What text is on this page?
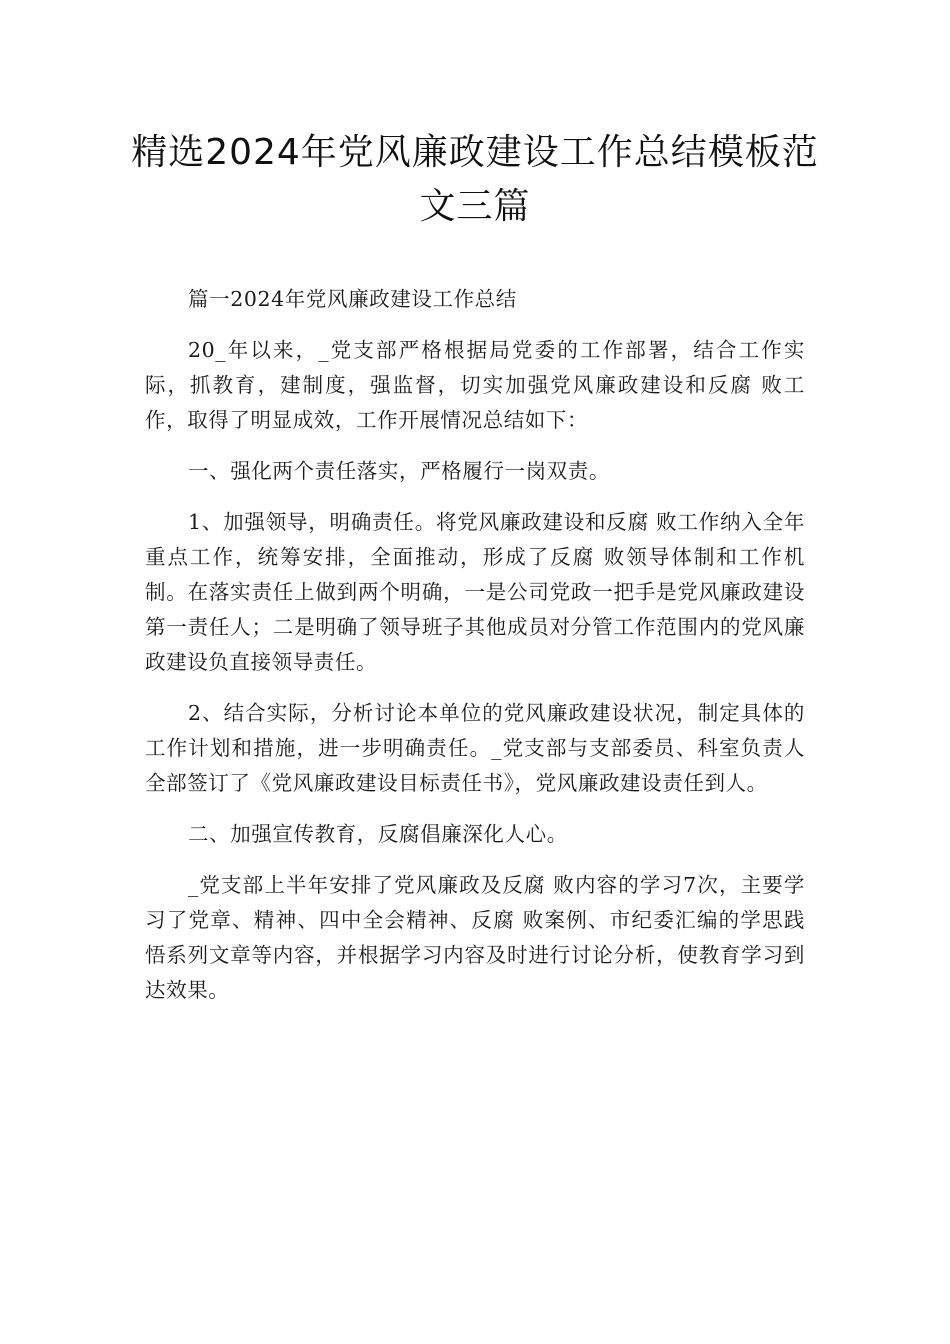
精选2024年党风廉政建设工作总结模板范文三篇

篇一2024年党风廉政建设工作总结

20_年以来，_党支部严格根据局党委的工作部署，结合工作实际，抓教育，建制度，强监督，切实加强党风廉政建设和反腐 败工作，取得了明显成效，工作开展情况总结如下：

一、强化两个责任落实，严格履行一岗双责。

1、加强领导，明确责任。将党风廉政建设和反腐 败工作纳入全年重点工作，统筹安排，全面推动，形成了反腐 败领导体制和工作机制。在落实责任上做到两个明确，一是公司党政一把手是党风廉政建设第一责任人；二是明确了领导班子其他成员对分管工作范围内的党风廉政建设负直接领导责任。

2、结合实际，分析讨论本单位的党风廉政建设状况，制定具体的工作计划和措施，进一步明确责任。_党支部与支部委员、科室负责人全部签订了《党风廉政建设目标责任书》，党风廉政建设责任到人。

二、加强宣传教育，反腐倡廉深化人心。

_党支部上半年安排了党风廉政及反腐 败内容的学习7次，主要学习了党章、精神、四中全会精神、反腐 败案例、市纪委汇编的学思践悟系列文章等内容，并根据学习内容及时进行讨论分析，使教育学习到达效果。
